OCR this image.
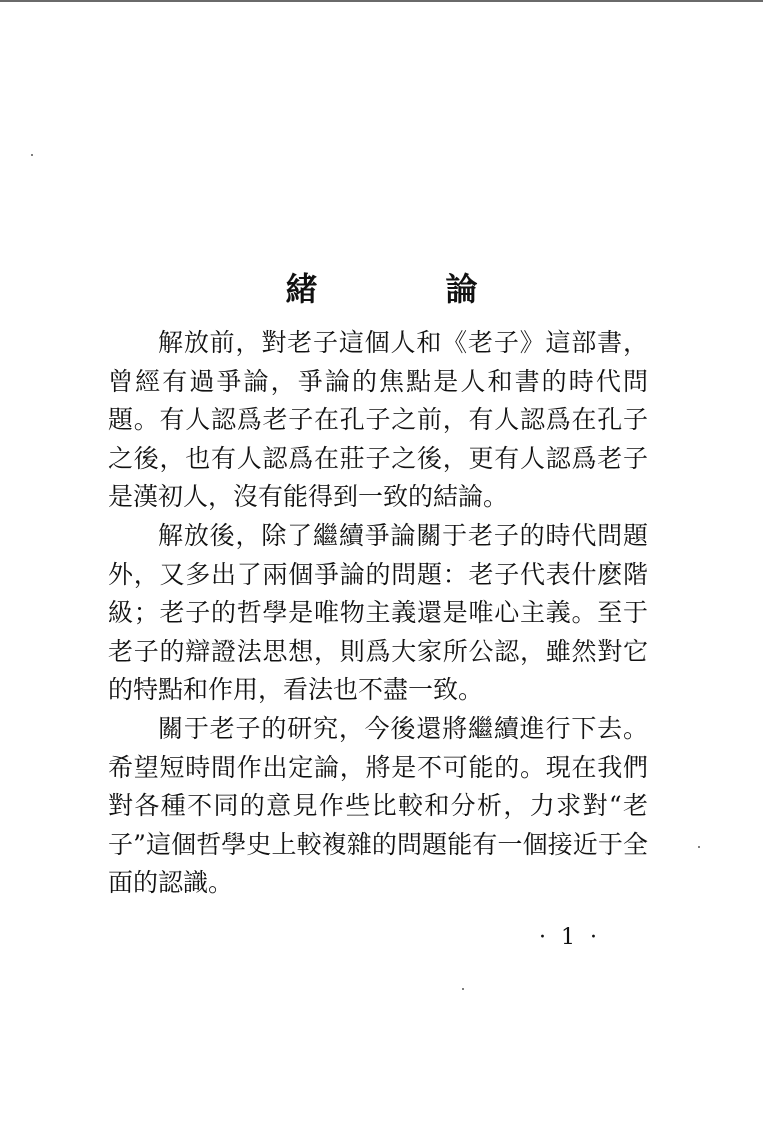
緒　論

解放前，對老子這個人和《老子》這部書，曾經有過爭論，爭論的焦點是人和書的時代問題。有人認爲老子在孔子之前，有人認爲在孔子之後，也有人認爲在莊子之後，更有人認爲老子是漢初人，沒有能得到一致的結論。

解放後，除了繼續爭論關于老子的時代問題外，又多出了兩個爭論的問題：老子代表什麽階級；老子的哲學是唯物主義還是唯心主義。至于老子的辯證法思想，則爲大家所公認，雖然對它的特點和作用，看法也不盡一致。

關于老子的研究，今後還將繼續進行下去。希望短時間作出定論，將是不可能的。現在我們對各種不同的意見作些比較和分析，力求對“老子”這個哲學史上較複雜的問題能有一個接近于全面的認識。

· 1 ·
